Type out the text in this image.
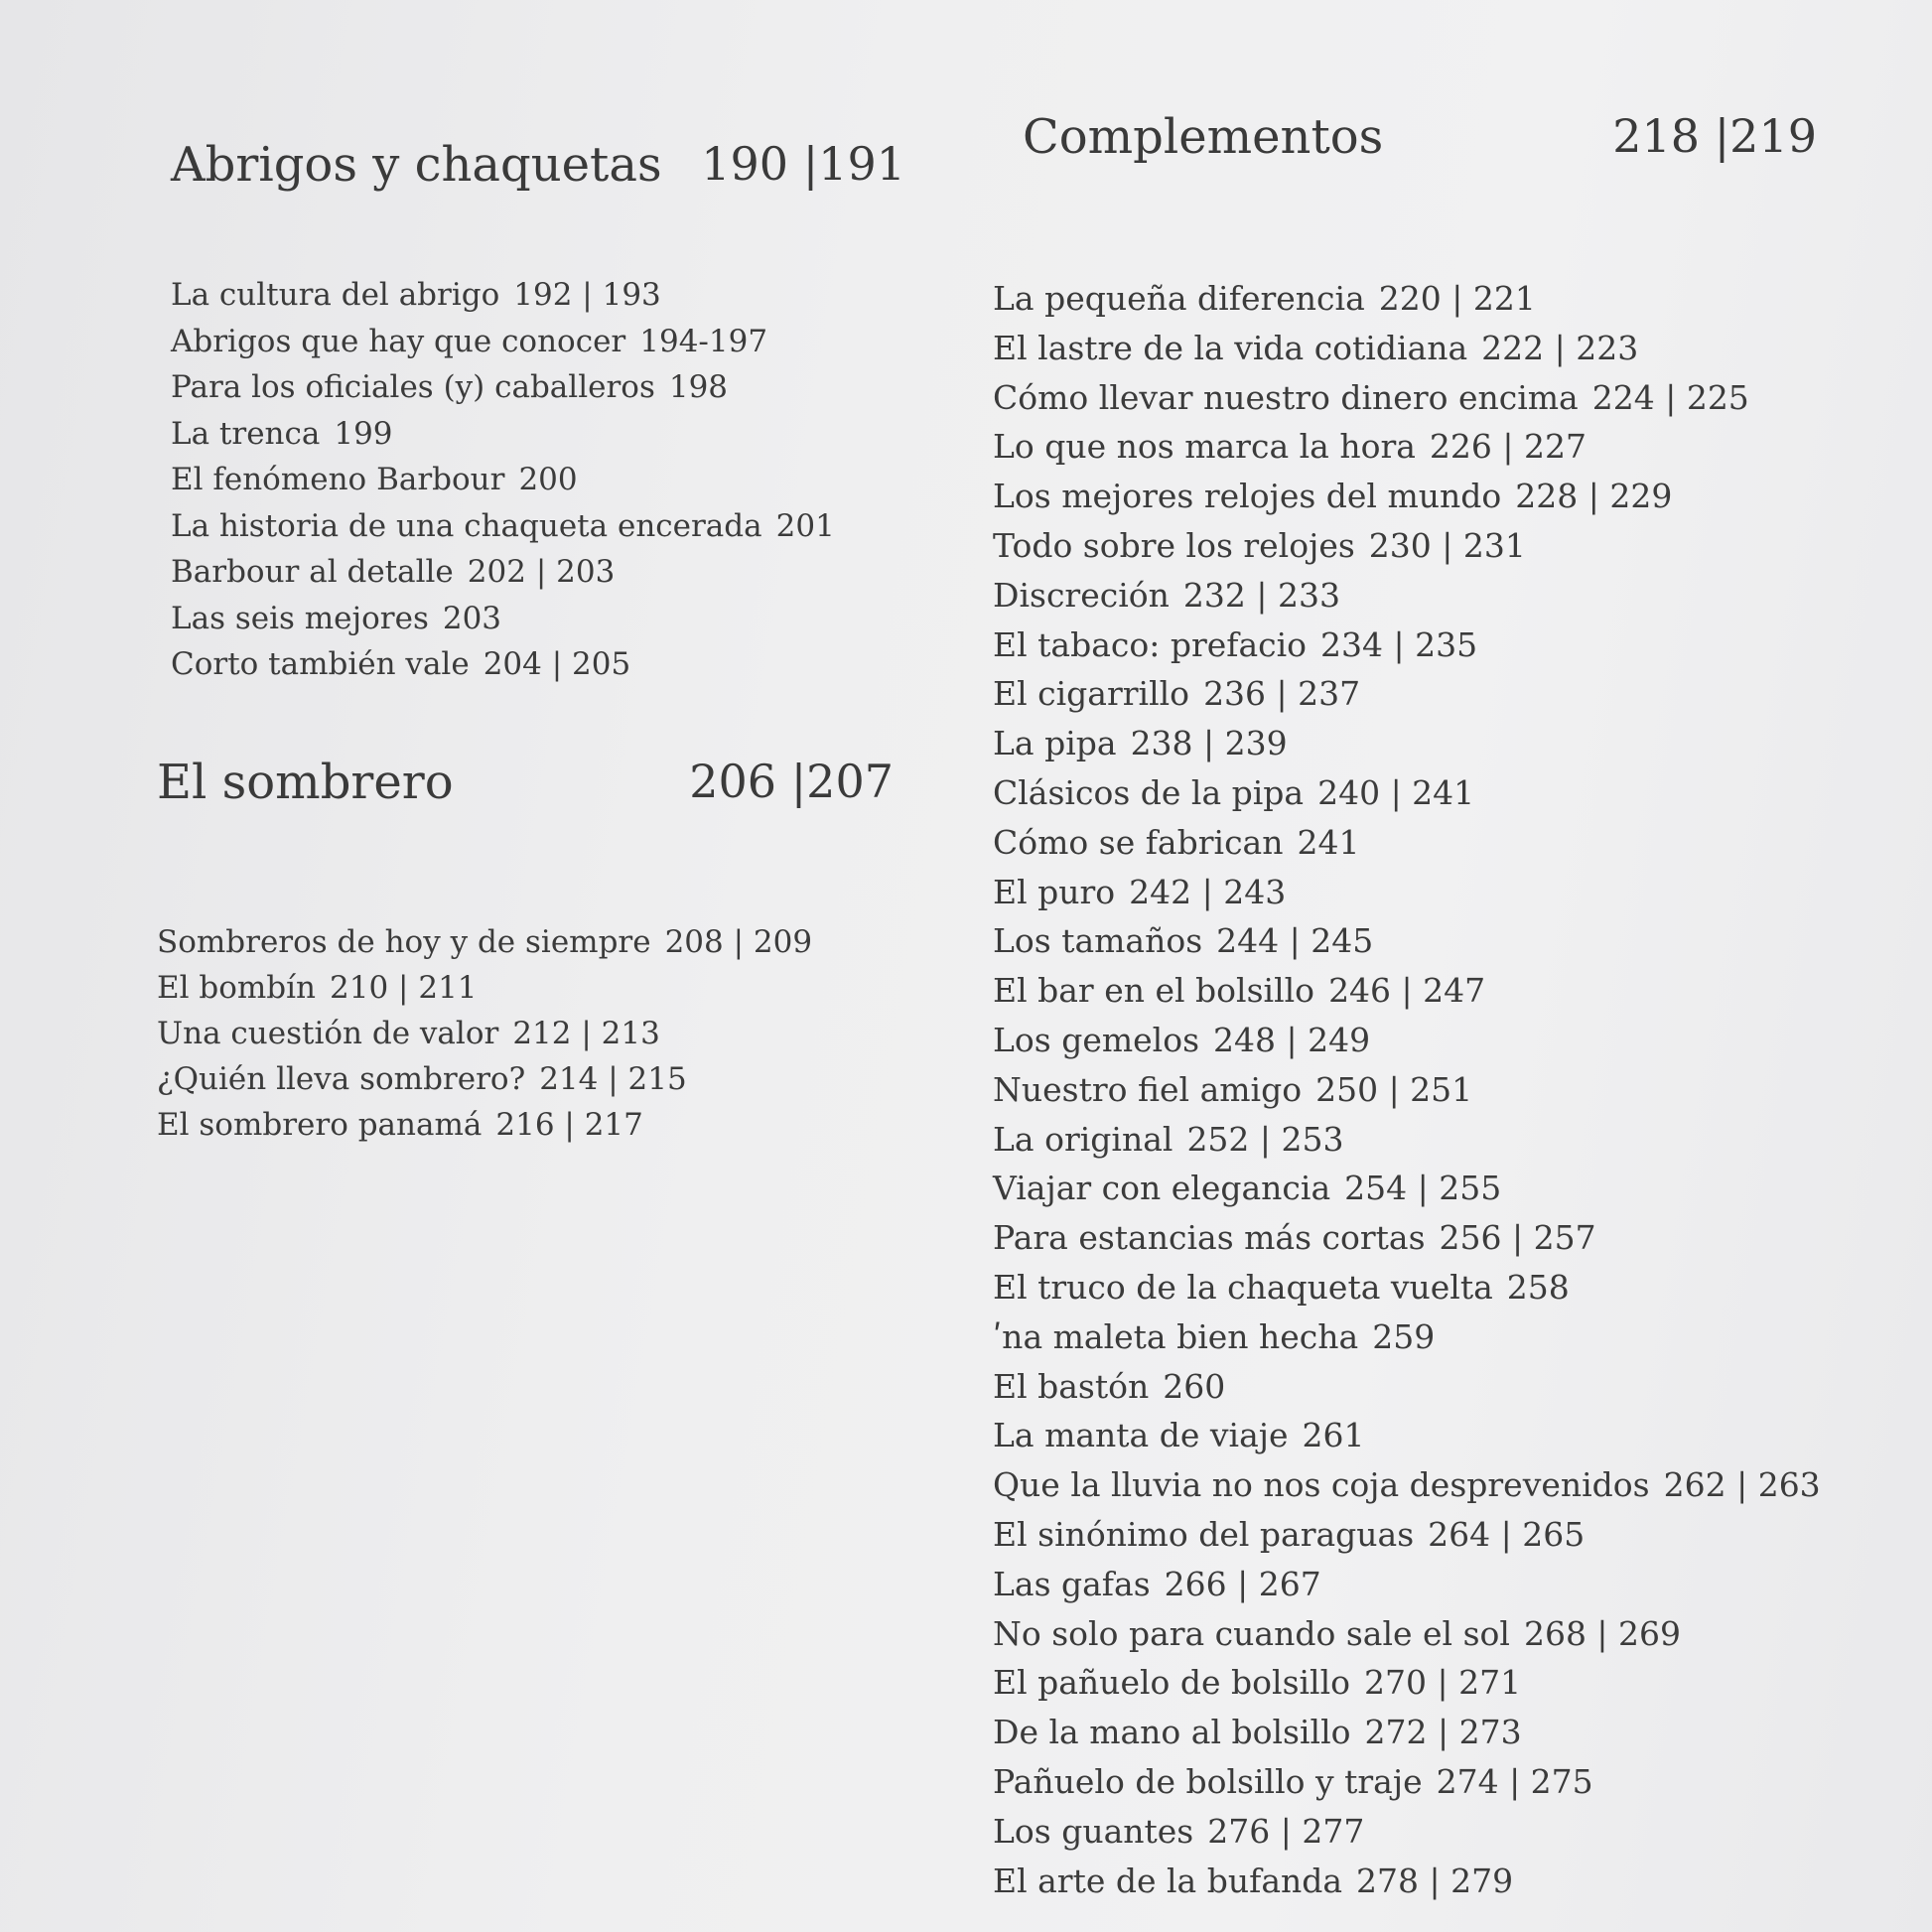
Abrigos y chaquetas 190 |191
La cultura del abrigo 192 | 193
Abrigos que hay que conocer 194-197
Para los oficiales (y) caballeros 198
La trenca 199
El fenómeno Barbour 200
La historia de una chaqueta encerada 201
Barbour al detalle 202 | 203
Las seis mejores 203
Corto también vale 204 | 205
El sombrero	206 |207
Sombreros de hoy y de siempre 208 | 209
El bombín 210 | 211
Una cuestión de valor 212 | 213
¿Quién lleva sombrero? 214 | 215
El sombrero panamá 216 | 217
Complementos	218 |219
La pequeña diferencia 220 | 221
El lastre de la vida cotidiana 222 | 223
Cómo llevar nuestro dinero encima 224 | 225
Lo que nos marca la hora 226 | 227
Los mejores relojes del mundo 228 | 229
Todo sobre los relojes 230 | 231
Discreción 232 | 233
El tabaco: prefacio 234 | 235
El cigarrillo 236 | 237
La pipa 238 | 239
Clásicos de la pipa 240 | 241
Cómo se fabrican 241
El puro 242 | 243
Los tamaños 244 | 245
El bar en el bolsillo 246 | 247
Los gemelos 248 | 249
Nuestro fiel amigo 250 | 251
La original 252 | 253
Viajar con elegancia 254 | 255
Para estancias más cortas 256 | 257
El truco de la chaqueta vuelta 258
ʹna maleta bien hecha 259
El bastón 260
La manta de viaje 261
Que la lluvia no nos coja desprevenidos 262 | 263
El sinónimo del paraguas 264 | 265
Las gafas 266 | 267
No solo para cuando sale el sol 268 | 269
El pañuelo de bolsillo 270 | 271
De la mano al bolsillo 272 | 273
Pañuelo de bolsillo y traje 274 | 275
Los guantes 276 | 277
El arte de la bufanda 278 | 279
